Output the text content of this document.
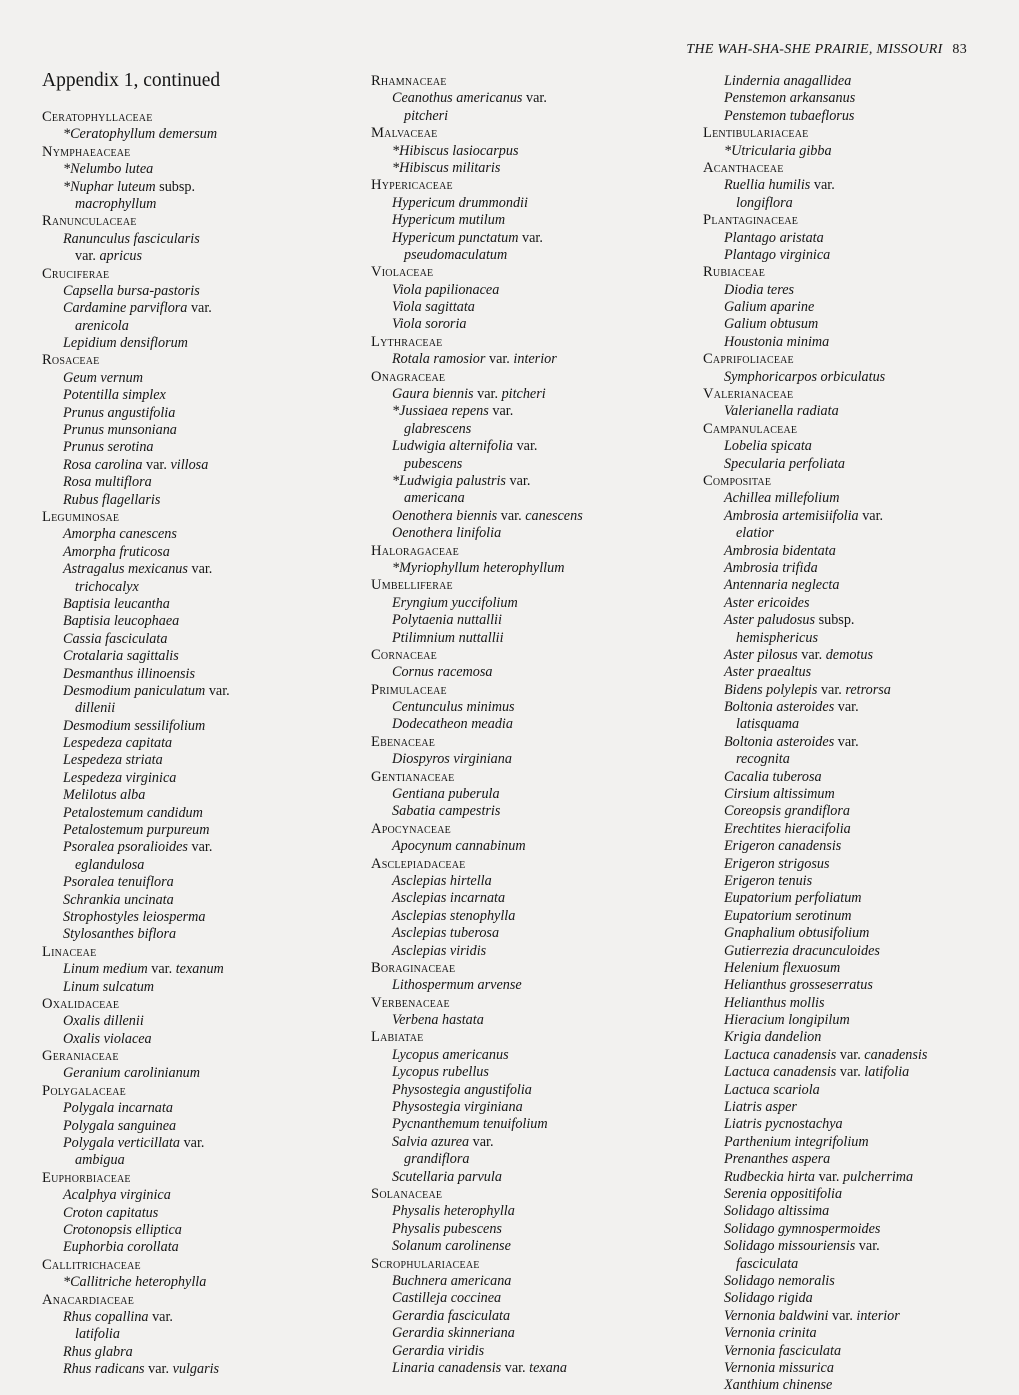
THE WAH-SHA-SHE PRAIRIE, MISSOURI 83
Appendix 1, continued
Ceratophyllaceae
*Ceratophyllum demersum
Nymphaeaceae
*Nelumbo lutea
*Nuphar luteum subsp.
macrophyllum
Ranunculaceae
Ranunculus fascicularis
var. apricus
Cruciferae
Capsella bursa-pastoris
Cardamine parviflora var.
arenicola
Lepidium densiflorum
Rosaceae
Geum vernum
Potentilla simplex
Prunus angustifolia
Prunus munsoniana
Prunus serotina
Rosa carolina var. villosa
Rosa multiflora
Rubus flagellaris
Leguminosae
Amorpha canescens
Amorpha fruticosa
Astragalus mexicanus var.
trichocalyx
Baptisia leucantha
Baptisia leucophaea
Cassia fasciculata
Crotalaria sagittalis
Desmanthus illinoensis
Desmodium paniculatum var.
dillenii
Desmodium sessilifolium
Lespedeza capitata
Lespedeza striata
Lespedeza virginica
Melilotus alba
Petalostemum candidum
Petalostemum purpureum
Psoralea psoralioides var.
eglandulosa
Psoralea tenuiflora
Schrankia uncinata
Strophostyles leiosperma
Stylosanthes biflora
Linaceae
Linum medium var. texanum
Linum sulcatum
Oxalidaceae
Oxalis dillenii
Oxalis violacea
Geraniaceae
Geranium carolinianum
Polygalaceae
Polygala incarnata
Polygala sanguinea
Polygala verticillata var.
ambigua
Euphorbiaceae
Acalphya virginica
Croton capitatus
Crotonopsis elliptica
Euphorbia corollata
Callitrichaceae
*Callitriche heterophylla
Anacardiaceae
Rhus copallina var.
latifolia
Rhus glabra
Rhus radicans var. vulgaris
Rhamnaceae
Ceanothus americanus var.
pitcheri
Malvaceae
*Hibiscus lasiocarpus
*Hibiscus militaris
Hypericaceae
Hypericum drummondii
Hypericum mutilum
Hypericum punctatum var.
pseudomaculatum
Violaceae
Viola papilionacea
Viola sagittata
Viola sororia
Lythraceae
Rotala ramosior var. interior
Onagraceae
Gaura biennis var. pitcheri
*Jussiaea repens var.
glabrescens
Ludwigia alternifolia var.
pubescens
*Ludwigia palustris var.
americana
Oenothera biennis var. canescens
Oenothera linifolia
Haloragaceae
*Myriophyllum heterophyllum
Umbelliferae
Eryngium yuccifolium
Polytaenia nuttallii
Ptilimnium nuttallii
Cornaceae
Cornus racemosa
Primulaceae
Centunculus minimus
Dodecatheon meadia
Ebenaceae
Diospyros virginiana
Gentianaceae
Gentiana puberula
Sabatia campestris
Apocynaceae
Apocynum cannabinum
Asclepiadaceae
Asclepias hirtella
Asclepias incarnata
Asclepias stenophylla
Asclepias tuberosa
Asclepias viridis
Boraginaceae
Lithospermum arvense
Verbenaceae
Verbena hastata
Labiatae
Lycopus americanus
Lycopus rubellus
Physostegia angustifolia
Physostegia virginiana
Pycnanthemum tenuifolium
Salvia azurea var.
grandiflora
Scutellaria parvula
Solanaceae
Physalis heterophylla
Physalis pubescens
Solanum carolinense
Scrophulariaceae
Buchnera americana
Castilleja coccinea
Gerardia fasciculata
Gerardia skinneriana
Gerardia viridis
Linaria canadensis var. texana
Lindernia anagallidea
Penstemon arkansanus
Penstemon tubaeflorus
Lentibulariaceae
*Utricularia gibba
Acanthaceae
Ruellia humilis var.
longiflora
Plantaginaceae
Plantago aristata
Plantago virginica
Rubiaceae
Diodia teres
Galium aparine
Galium obtusum
Houstonia minima
Caprifoliaceae
Symphoricarpos orbiculatus
Valerianaceae
Valerianella radiata
Campanulaceae
Lobelia spicata
Specularia perfoliata
Compositae
Achillea millefolium
Ambrosia artemisiifolia var.
elatior
Ambrosia bidentata
Ambrosia trifida
Antennaria neglecta
Aster ericoides
Aster paludosus subsp.
hemisphericus
Aster pilosus var. demotus
Aster praealtus
Bidens polylepis var. retrorsa
Boltonia asteroides var.
latisquama
Boltonia asteroides var.
recognita
Cacalia tuberosa
Cirsium altissimum
Coreopsis grandiflora
Erechtites hieracifolia
Erigeron canadensis
Erigeron strigosus
Erigeron tenuis
Eupatorium perfoliatum
Eupatorium serotinum
Gnaphalium obtusifolium
Gutierrezia dracunculoides
Helenium flexuosum
Helianthus grosseserratus
Helianthus mollis
Hieracium longipilum
Krigia dandelion
Lactuca canadensis var. canadensis
Lactuca canadensis var. latifolia
Lactuca scariola
Liatris asper
Liatris pycnostachya
Parthenium integrifolium
Prenanthes aspera
Rudbeckia hirta var. pulcherrima
Serenia oppositifolia
Solidago altissima
Solidago gymnospermoides
Solidago missouriensis var.
fasciculata
Solidago nemoralis
Solidago rigida
Vernonia baldwini var. interior
Vernonia crinita
Vernonia fasciculata
Vernonia missurica
Xanthium chinense
